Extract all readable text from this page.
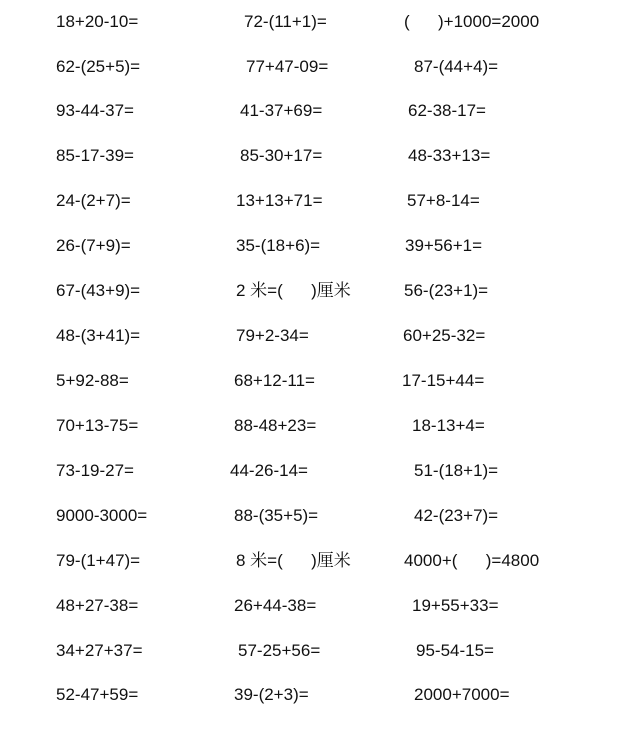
18+20-10=	72-(11+1)=	(      )+1000=2000
62-(25+5)=	77+47-09=	87-(44+4)=
93-44-37=	41-37+69=	62-38-17=
85-17-39=	85-30+17=	48-33+13=
24-(2+7)=	13+13+71=	57+8-14=
26-(7+9)=	35-(18+6)=	39+56+1=
67-(43+9)=	2 米=(      )厘米	56-(23+1)=
48-(3+41)=	79+2-34=	60+25-32=
5+92-88=	68+12-11=	17-15+44=
70+13-75=	88-48+23=	18-13+4=
73-19-27=	44-26-14=	51-(18+1)=
9000-3000=	88-(35+5)=	42-(23+7)=
79-(1+47)=	8 米=(      )厘米	4000+(      )=4800
48+27-38=	26+44-38=	19+55+33=
34+27+37=	57-25+56=	95-54-15=
52-47+59=	39-(2+3)=	2000+7000=
